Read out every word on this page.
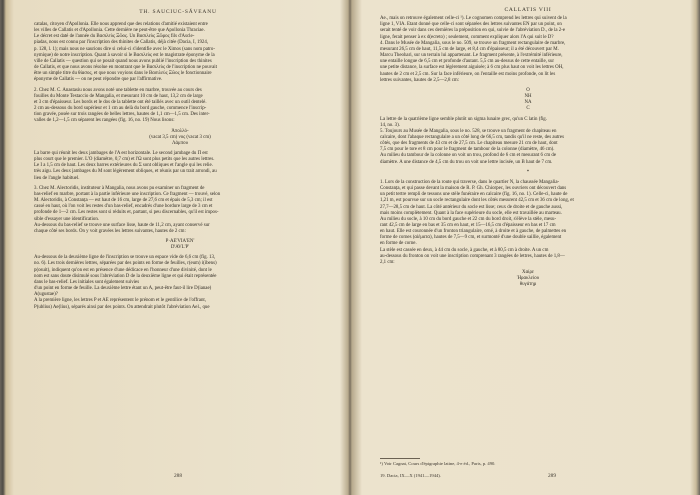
TH. SAUCIUC-SĂVEANU

catalas, citoyen d'Apollonia. Elle nous apprend que des relations d'amitié existaient entre

les villes de Callatis et d'Apollonia. Cette dernière ne peut-être que Apollonia Thraciae.

Le décret est daté de l'année du Βασιλεὺς Ξῶος. Un Βασιλεὺς Ξῶρος fils d'Ascle-

piadas, nous est connu par l'inscription des thinites de Callatis, déjà citée (Dacia, I, 1924,

p. 128, l. 1); mais nous ne saurions dire si celui-ci s'identifie avec le Ximos (sans nom patro-

nymique) de notre inscription. Quant à savoir si le Βασιλεὺς est le magistrate éponyme de la

ville de Callatis — question qui se posait quand nous avons publié l'inscription des thinites

de Callatis, et que nous avons résolue en montrant que le Βασιλεὺς de l'inscription ne pouvait

être un simple titre du θίασος, et que nous voyions dans le Βασιλεὺς Ξῶος le fonctionnaire

éponyme de Callatis — on ne peut répondre que par l'affirmative.

2. Chez M. C. Anastasiu nous avons noté une tablette en marbre, trouvée au cours des

fouilles du Monte Testaccio de Mangalia, et mesurant 10 cm de haut, 13,2 cm de large

et 3 cm d'épaisseur. Les bords et le dos de la tablette ont été taillés avec un outil dentelé.

2 cm au-dessous du bord supérieur et 1 cm au delà du bord gauche, commence l'inscrip-

tion gravée, posée sur trois rangées de belles lettres, hautes de 1,1 cm—1,5 cm. Des inter-

valles de 1,2—1,5 cm séparent les rangées (fig. 16, no. 19) Nous lisons:

Ἀπολλό-

(vacat 3,5 cm) νος (vacat 3 cm)

Λάμπου

La barre qui réunit les deux jambages de l'A est horizontale. Le second jambage du Π est

plus court que le premier. L'O (diamètre, 0,7 cm) et l'Ω sont plus petits que les autres lettres.

Le I a 1,5 cm de haut. Les deux barres extérieures du Σ sont obliques et l'angle qui les relie.

très aigu. Les deux jambages du M sont légèrement obliques, et réunis par un trait arrondi, au

lieu de l'angle habituel.

3. Chez M. Alectoridis, instituteur à Mangalia, nous avons pu examiner un fragment de

bas-relief en marbre, portant à la partie inférieure une inscription. Ce fragment — trouvé, selon

M. Alectoridis, à Constanța — est haut de 16 cm, large de 27,6 cm et épais de 5,3 cm; il est

cassé en haut, où l'on voit les restes d'un bas-relief, encadrés d'une bordure large de 3 cm et

profonde de 1—2 cm. Les restes sont si réduits et, partant, si peu discernables, qu'il est impos-

sible d'essayer une identification.

Au-dessous du bas-relief se trouve une surface lisse, haute de 11,2 cm, ayant conservé sur

chaque côté ses bords. On y voit gravées les lettres suivantes, hautes de 2 cm:

P·AE'VIA'EN'

D'AVL'P'

Au-dessous de la deuxième ligne de l'inscription se trouve un espace vide de 6,6 cm (fig. 13,

no. 6). Les trois dernières lettres, séparées par des points en forme de feuilles, r(eum) i(ibens)

p(osuit), indiquent qu'on est en présence d'une dédicace en l'honneur d'une divinité, dont le

nom est sans doute disimulé sous l'abréviation D de la deuxième ligne et qui était représentée

dans le bas-relief. Les initiales sont également suivies

d'un point en forme de feuille. La deuxième lettre étant un A, peut-être faut-il lire D(ianae)

A(ugustae)?

A la première ligne, les lettres P et AE représentent le prénom et le gentilice de l'offrant,

P(ublius) Ae(lius), séparés ainsi par des points. On attendrait plutôt l'abréviation Ael., que

288

CALLATIS VIII

Ae., mais on retrouve également celle-ci ¹). Le cognomen comprend les lettres qui suivent de la

ligne 1, VIA. Etant donné que celle-ci sont séparées des lettres suivantes EN par un point, on

serait tenté de voir dans ces dernières la préposition en qui, suivie de l'abréviation D., de la 2-e

ligne, ferait penser à ex d(ecreto) ; seulement, comment expliquer alors l'A qui suit le D?

4. Dans le Musée de Mangalia, sous le no. 509, se trouve un fragment rectangulaire de marbre,

mesurant 26,5 cm de haut, 11,5 cm de large, et 8,4 cm d'épaisseur; il a été découvert par M.

Marcu Theohari, sur un terrain lui appartenant. Le fragment présente, à l'extrémité inférieure,

une entaille longue de 6,5 cm et profonde d'autant. 5,5 cm au-dessus de cette entaille, sur

une petite distance, la surface est légèrement aiguisée; à 6 cm plus haut on voit les lettres OH,

hautes de 2 cm et 2,5 cm. Sur la face inférieure, on l'entaille est moins profonde, on lit les

lettres suivantes, hautes de 2,5—2,8 cm:

O

NH

NA

C

La lettre de la quatrième ligne semble plutôt un sigma lunaire grec, qu'un C latin (fig.

14, no. 3).

5. Toujours au Musée de Mangalia, sous le no. 528, se trouve un fragment de chapiteau en

calcaire, dont l'abaque rectangulaire a un côté long de 66,5 cm, tandis qu'il ne reste, des autres

côtés, que des fragments de 43 cm et de 27,5 cm. Le chapiteau mesure 21 cm de haut, dont

7,5 cm pour le tore et 8 cm pour le fragment de tambour de la colonne (diamètre, 46 cm).

Au milieu du tambour de la colonne on voit un trou, profond de 6 cm et mesurant 6 cm de

diamètre. A une distance de 4,5 cm du trou on voit une lettre incisée, un B haut de 7 cm.

*

1. Lors de la construction de la route qui traverse, dans le quartier N, la chaussée Mangalia-

Constanța, et qui passe devant la maison de R. P. Gh. Chiorpec, les ouvriers ont découvert dans

un petit tertre rempli de tessons une stèle funéraire en calcaire (fig. 16, no. 1). Celle-ci, haute de

1,21 m, est pourvue sur un socle rectangulaire dont les côtés mesurent 42,5 cm et 36 cm de long, et

27,7—28,5 cm de haut. La côté antérieur du socle est lisse; ceux de droite et de gauche aussi,

mais moins complètement. Quant à la face supérieure du socle, elle est travaillée au marteau.

Au milieu du socle, à 10 cm du bord gauche et 22 cm du bord droit, s'élève la stèle, mesu-

rant 42,5 cm de large en bas et 35 cm en haut, et 15—16,5 cm d'épaisseur en bas et 17 cm

en haut. Elle est couronnée d'un fronton triangulaire, orné, à droite et à gauche, de palmettes en

forme de cornes (αἰέματα), hautes de 7,5—9 cm, et surmonté d'une double saillie, également

en forme de corne.

La stèle est cassée en deux, à 44 cm du socle, à gauche, et à 80,5 cm à droite. A un cm

au-dessous du fronton on voit une inscription comprenant 3 rangées de lettres, hautes de 1,8—

2,1 cm:

Χαίρε

Ἡρακλείου

θυγάτηρ

¹) Voir Cagnat, Cours d'épigraphie latine, 4-e éd., Paris, p. 490.
19. Dacia, IX—X (1941—1944).	289
